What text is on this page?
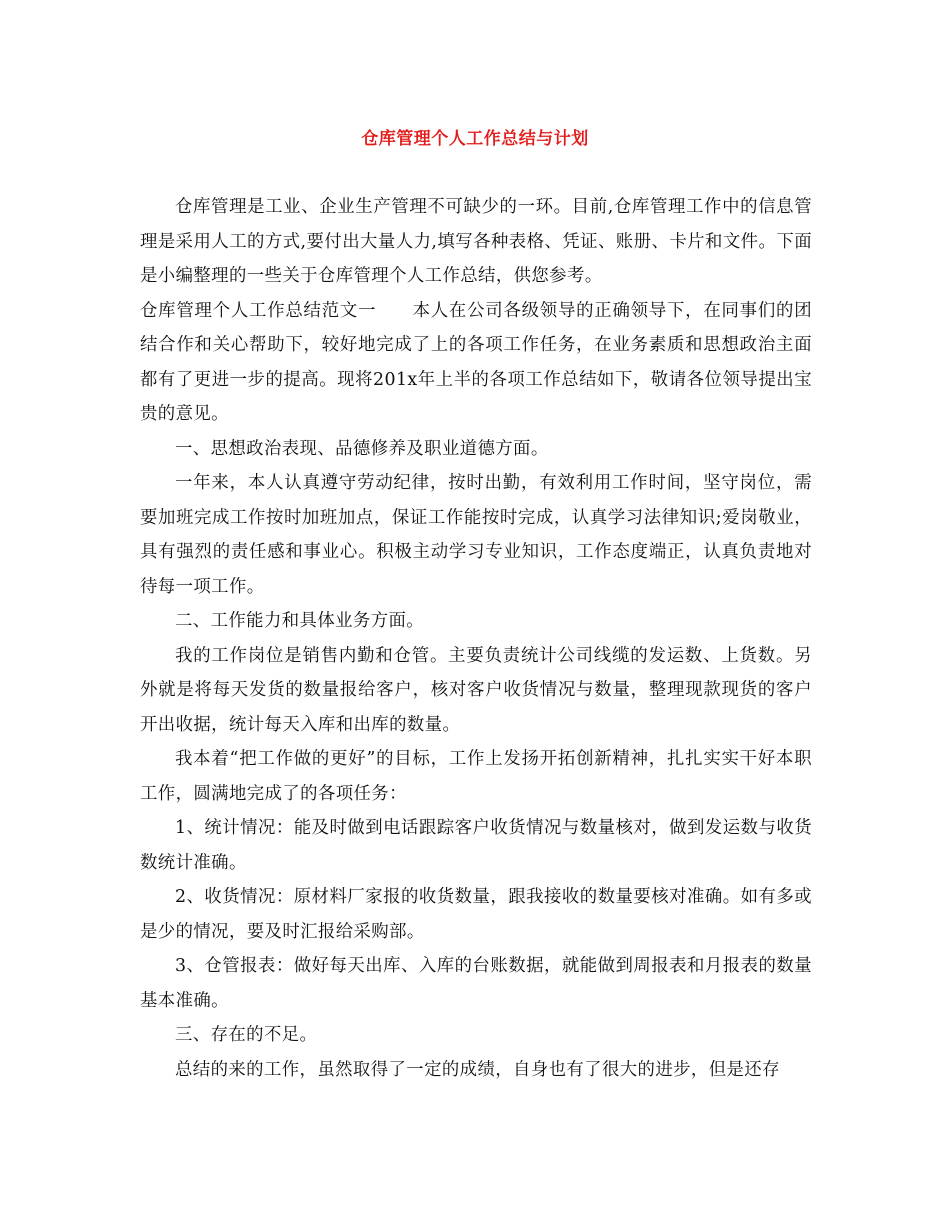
仓库管理个人工作总结与计划

仓库管理是工业、企业生产管理不可缺少的一环。目前,仓库管理工作中的信息管理是采用人工的方式,要付出大量人力,填写各种表格、凭证、账册、卡片和文件。下面是小编整理的一些关于仓库管理个人工作总结，供您参考。

仓库管理个人工作总结范文一　　本人在公司各级领导的正确领导下，在同事们的团结合作和关心帮助下，较好地完成了上的各项工作任务，在业务素质和思想政治主面都有了更进一步的提高。现将201x年上半的各项工作总结如下，敬请各位领导提出宝贵的意见。

一、思想政治表现、品德修养及职业道德方面。

一年来，本人认真遵守劳动纪律，按时出勤，有效利用工作时间，坚守岗位，需要加班完成工作按时加班加点，保证工作能按时完成，认真学习法律知识;爱岗敬业，具有强烈的责任感和事业心。积极主动学习专业知识，工作态度端正，认真负责地对待每一项工作。

二、工作能力和具体业务方面。

我的工作岗位是销售内勤和仓管。主要负责统计公司线缆的发运数、上货数。另外就是将每天发货的数量报给客户，核对客户收货情况与数量，整理现款现货的客户开出收据，统计每天入库和出库的数量。

我本着“把工作做的更好”的目标，工作上发扬开拓创新精神，扎扎实实干好本职工作，圆满地完成了的各项任务：

1、统计情况：能及时做到电话跟踪客户收货情况与数量核对，做到发运数与收货数统计准确。

2、收货情况：原材料厂家报的收货数量，跟我接收的数量要核对准确。如有多或是少的情况，要及时汇报给采购部。

3、仓管报表：做好每天出库、入库的台账数据，就能做到周报表和月报表的数量基本准确。

三、存在的不足。

总结的来的工作，虽然取得了一定的成绩，自身也有了很大的进步，但是还存
